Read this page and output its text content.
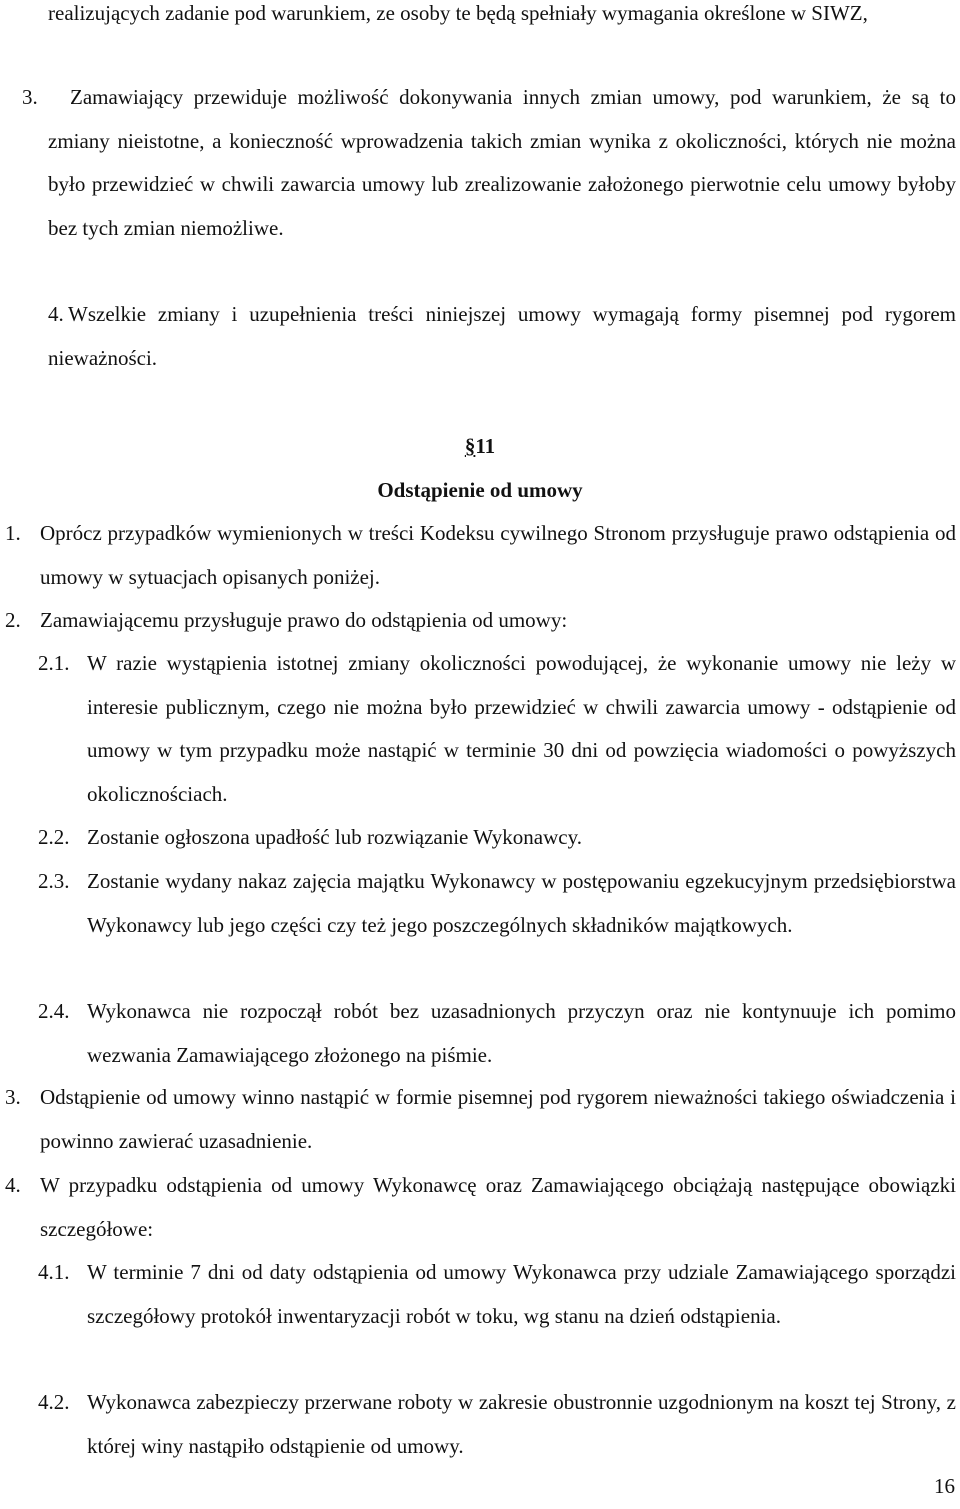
realizujących zadanie pod warunkiem, ze osoby te będą spełniały wymagania określone w SIWZ,

3.	Zamawiający przewiduje możliwość dokonywania innych zmian umowy, pod warunkiem, że są to zmiany nieistotne, a konieczność wprowadzenia takich zmian wynika z okoliczności, których nie można było przewidzieć w chwili zawarcia umowy lub zrealizowanie założonego pierwotnie celu umowy byłoby bez tych zmian niemożliwe.
4. Wszelkie zmiany i uzupełnienia treści niniejszej umowy wymagają formy pisemnej pod rygorem nieważności.
§11
Odstąpienie od umowy
1. Oprócz przypadków wymienionych w treści Kodeksu cywilnego Stronom przysługuje prawo odstąpienia od umowy w sytuacjach opisanych poniżej.
2. Zamawiającemu przysługuje prawo do odstąpienia od umowy:
2.1. W razie wystąpienia istotnej zmiany okoliczności powodującej, że wykonanie umowy nie leży w interesie publicznym, czego nie można było przewidzieć w chwili zawarcia umowy - odstąpienie od umowy w tym przypadku może nastąpić w terminie 30 dni od powzięcia wiadomości o powyższych okolicznościach.
2.2. Zostanie ogłoszona upadłość lub rozwiązanie Wykonawcy.
2.3. Zostanie wydany nakaz zajęcia majątku Wykonawcy w postępowaniu egzekucyjnym przedsiębiorstwa Wykonawcy lub jego części czy też jego poszczególnych składników majątkowych.
2.4. Wykonawca nie rozpoczął robót bez uzasadnionych przyczyn oraz nie kontynuuje ich pomimo wezwania Zamawiającego złożonego na piśmie.
3. Odstąpienie od umowy winno nastąpić w formie pisemnej pod rygorem nieważności takiego oświadczenia i powinno zawierać uzasadnienie.
4. W przypadku odstąpienia od umowy Wykonawcę oraz Zamawiającego obciążają następujące obowiązki szczegółowe:
4.1. W terminie 7 dni od daty odstąpienia od umowy Wykonawca przy udziale Zamawiającego sporządzi szczegółowy protokół inwentaryzacji robót w toku, wg stanu na dzień odstąpienia.
4.2. Wykonawca zabezpieczy przerwane roboty w zakresie obustronnie uzgodnionym na koszt tej Strony, z której winy nastąpiło odstąpienie od umowy.
16
